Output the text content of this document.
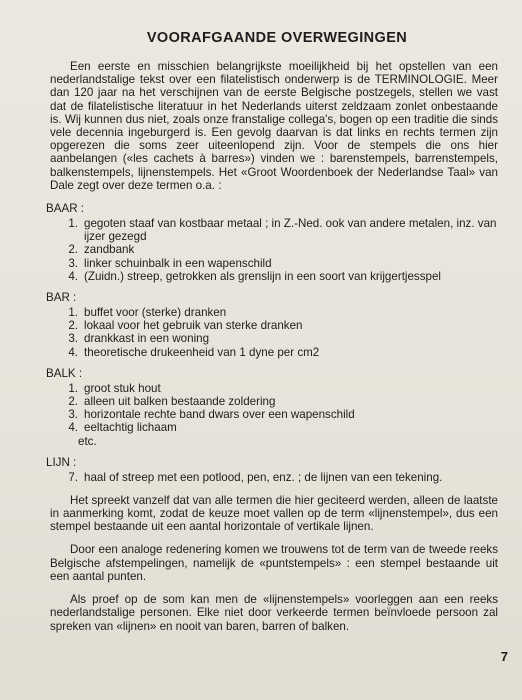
VOORAFGAANDE OVERWEGINGEN

Een eerste en misschien belangrijkste moeilijkheid bij het opstellen van een nederlandstalige tekst over een filatelistisch onderwerp is de TERMINOLOGIE. Meer dan 120 jaar na het verschijnen van de eerste Belgische postzegels, stellen we vast dat de filatelistische literatuur in het Nederlands uiterst zeldzaam zonlet onbestaande is. Wij kunnen dus niet, zoals onze franstalige collega's, bogen op een traditie die sinds vele decennia ingeburgerd is. Een gevolg daarvan is dat links en rechts termen zijn opgerezen die soms zeer uiteenlopend zijn. Voor de stempels die ons hier aanbelangen («les cachets à barres») vinden we : barenstempels, barrenstempels, balkenstempels, lijnenstempels. Het «Groot Woordenboek der Nederlandse Taal» van Dale zegt over deze termen o.a. :

BAAR :
1. gegoten staaf van kostbaar metaal ; in Z.-Ned. ook van andere metalen, inz. van ijzer gezegd
2. zandbank
3. linker schuinbalk in een wapenschild
4. (Zuidn.) streep, getrokken als grenslijn in een soort van krijgertjesspel
BAR :
1. buffet voor (sterke) dranken
2. lokaal voor het gebruik van sterke dranken
3. drankkast in een woning
4. theoretische drukeenheid van 1 dyne per cm2
BALK :
1. groot stuk hout
2. alleen uit balken bestaande zoldering
3. horizontale rechte band dwars over een wapenschild
4. eeltachtig lichaam
etc.
LIJN :
7. haal of streep met een potlood, pen, enz. ; de lijnen van een tekening.

Het spreekt vanzelf dat van alle termen die hier geciteerd werden, alleen de laatste in aanmerking komt, zodat de keuze moet vallen op de term «lijnenstempel», dus een stempel bestaande uit een aantal horizontale of vertikale lijnen.

Door een analoge redenering komen we trouwens tot de term van de tweede reeks Belgische afstempelingen, namelijk de «puntstempels» : een stempel bestaande uit een aantal punten.

Als proef op de som kan men de «lijnenstempels» voorleggen aan een reeks nederlandstalige personen. Elke niet door verkeerde termen beïnvloede persoon zal spreken van «lijnen» en nooit van baren, barren of balken.

7
